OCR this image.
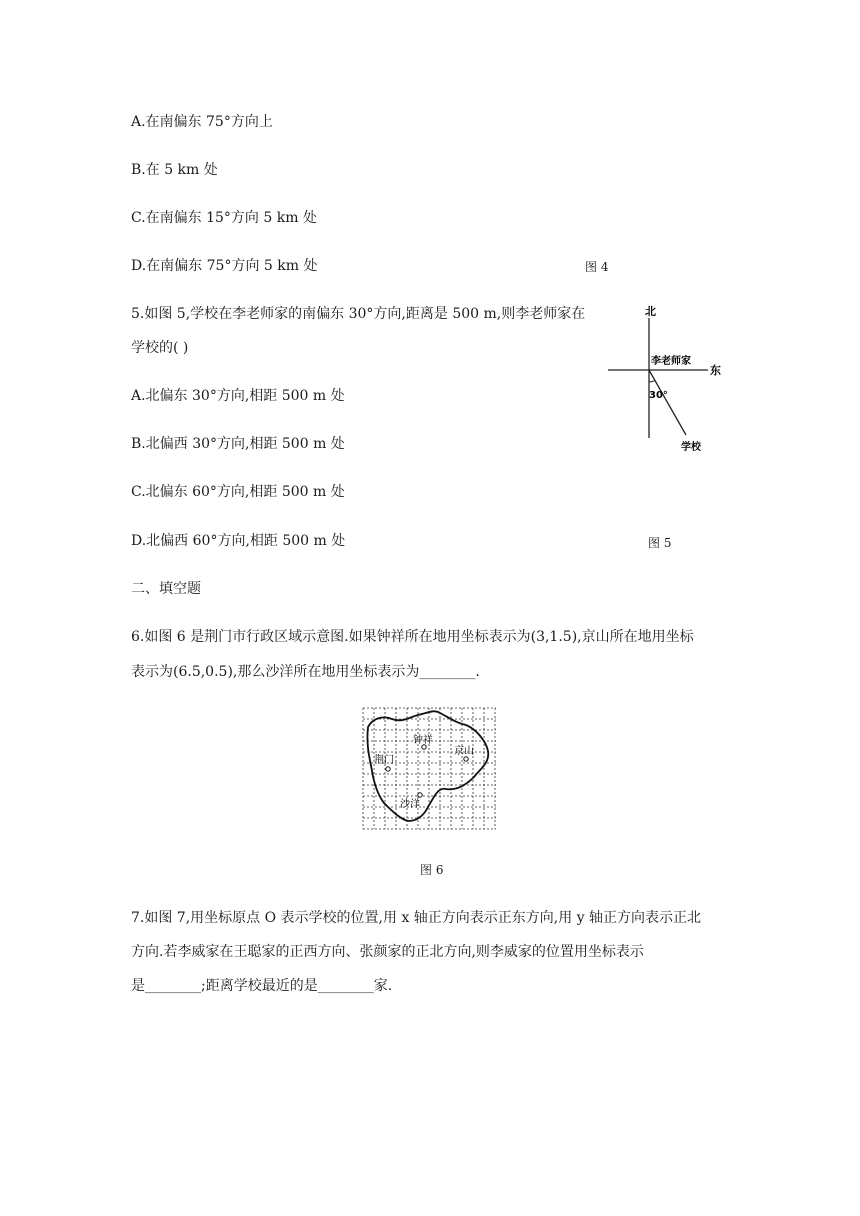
A.在南偏东 75°方向上
B.在 5 km 处
C.在南偏东 15°方向 5 km 处
D.在南偏东 75°方向 5 km 处	图 4
5.如图 5,学校在李老师家的南偏东 30°方向,距离是 500 m,则李老师家在
学校的( )
A.北偏东 30°方向,相距 500 m 处
B.北偏西 30°方向,相距 500 m 处
C.北偏东 60°方向,相距 500 m 处
D.北偏西 60°方向,相距 500 m 处
北
东
李老师家
30°
学校
图 5
二、填空题
6.如图 6 是荆门市行政区域示意图.如果钟祥所在地用坐标表示为(3,1.5),京山所在地用坐标
表示为(6.5,0.5),那么沙洋所在地用坐标表示为________.
钟祥
京山
荆门
沙洋
图 6
7.如图 7,用坐标原点 O 表示学校的位置,用 x 轴正方向表示正东方向,用 y 轴正方向表示正北
方向.若李威家在王聪家的正西方向、张颜家的正北方向,则李威家的位置用坐标表示
是________;距离学校最近的是________家.
